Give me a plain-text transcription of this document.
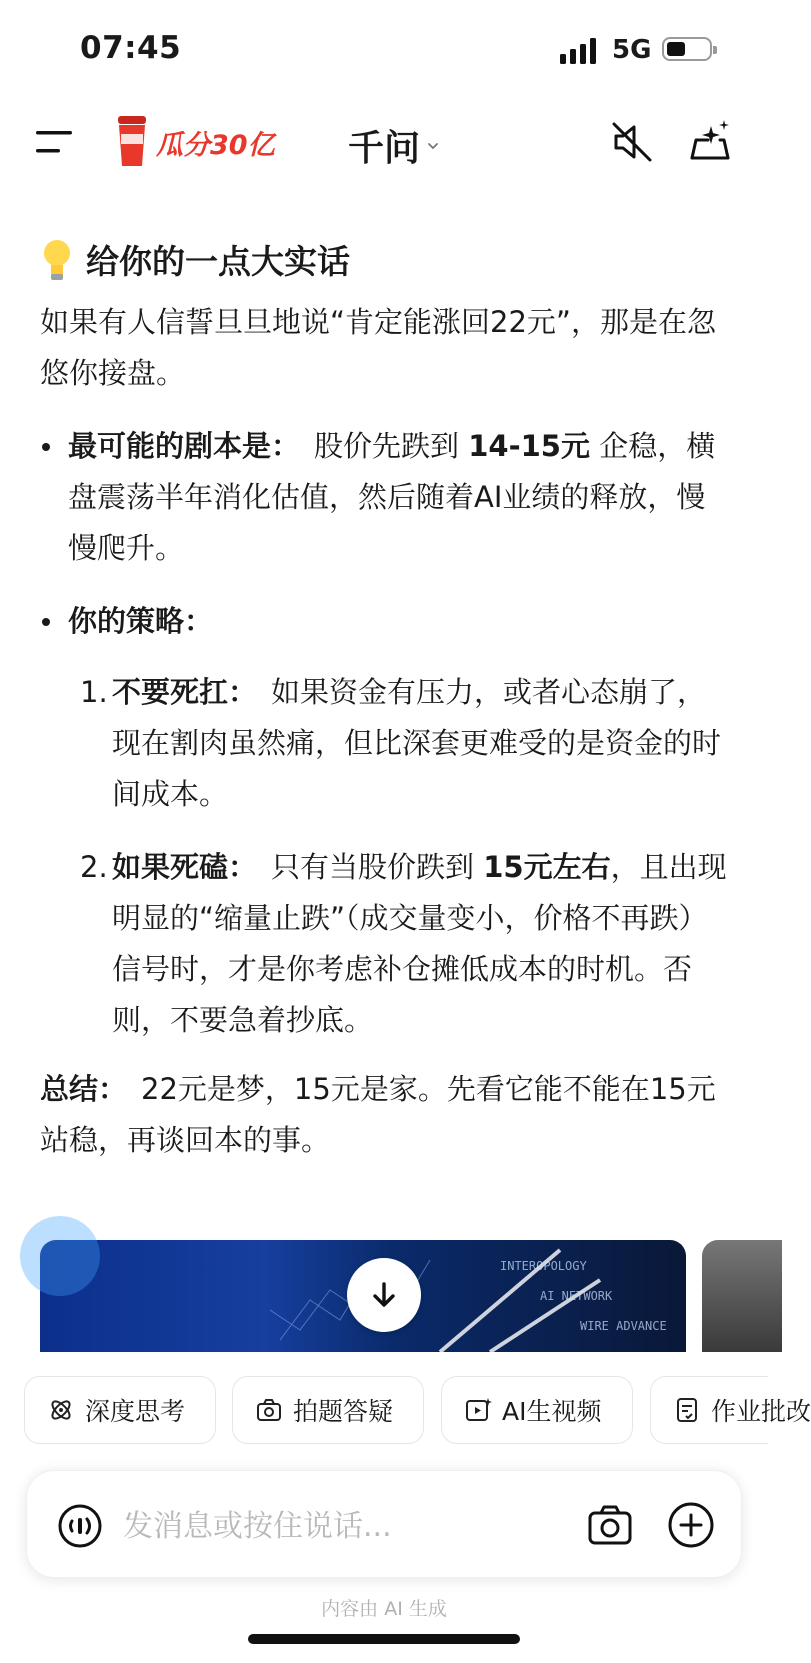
07:45	5G
瓜分30亿 千问
给你的一点大实话

如果有人信誓旦旦地说“肯定能涨回22元”，那是在忽悠你接盘。

最可能的剧本是： 股价先跌到 14-15元 企稳，横盘震荡半年消化估值，然后随着AI业绩的释放，慢慢爬升。

你的策略：

1. 不要死扛： 如果资金有压力，或者心态崩了，现在割肉虽然痛，但比深套更难受的是资金的时间成本。

2. 如果死磕： 只有当股价跌到 15元左右，且出现明显的“缩量止跌”（成交量变小，价格不再跌）信号时，才是你考虑补仓摊低成本的时机。否则，不要急着抄底。

总结： 22元是梦，15元是家。先看它能不能在15元站稳，再谈回本的事。

INTEROPOLOGY
AI NETWORK
WIRE ADVANCE
深度思考	拍题答疑	AI生视频	作业批改
发消息或按住说话...
内容由 AI 生成
